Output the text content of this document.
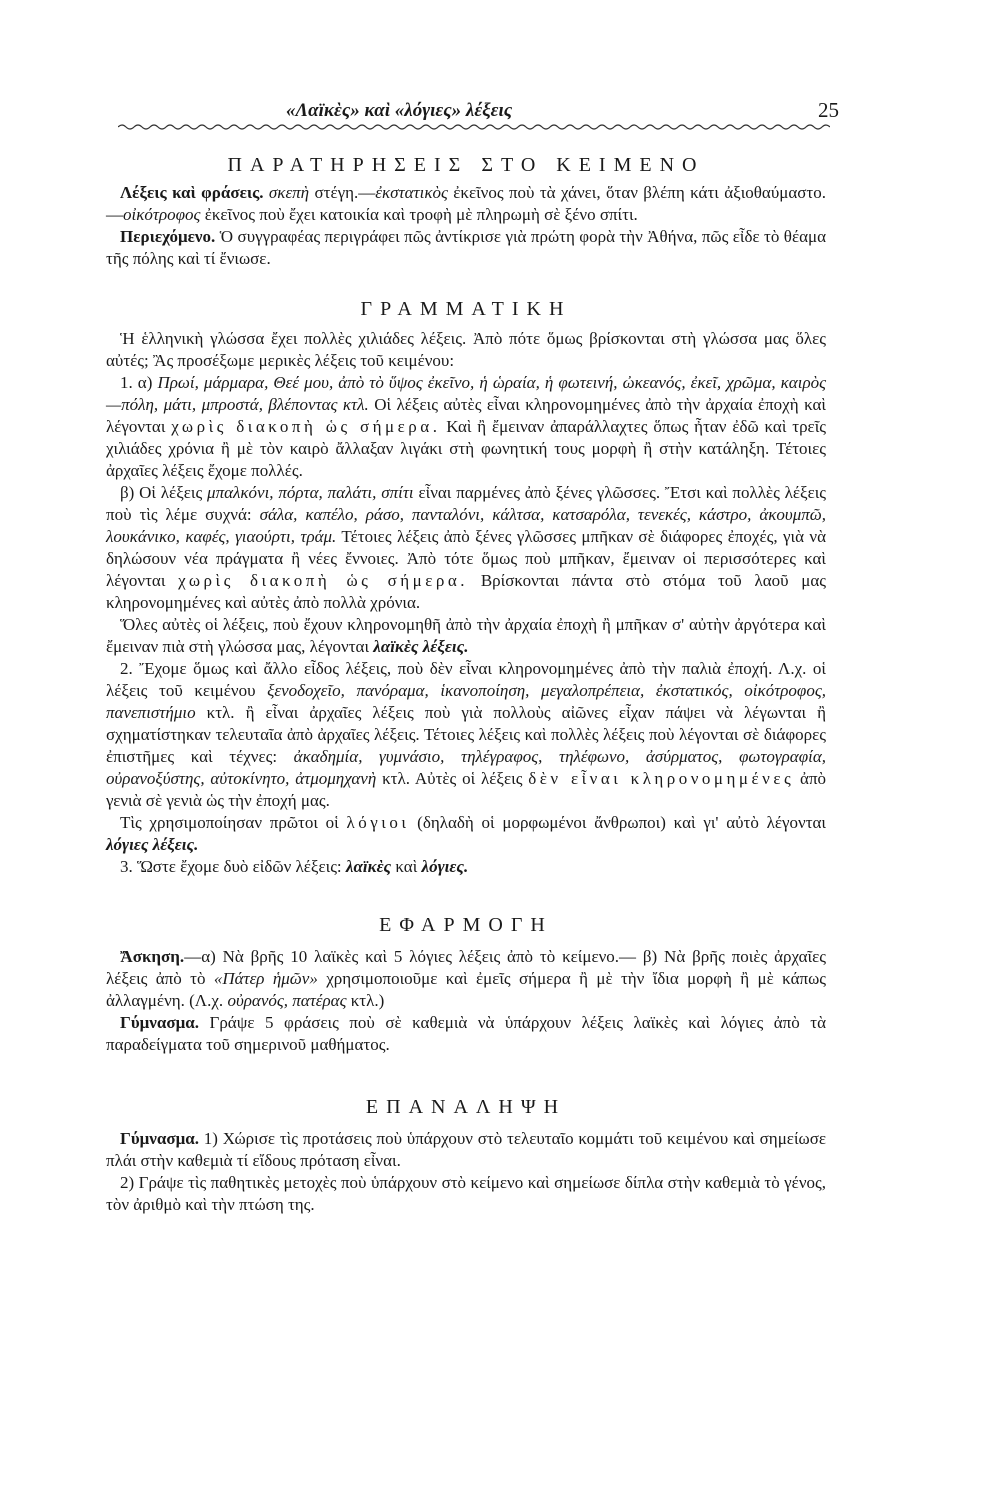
«Λαϊκὲς» καὶ «λόγιες» λέξεις	25
ΠΑΡΑΤΗΡΗΣΕΙΣ ΣΤΟ ΚΕΙΜΕΝΟ

Λέξεις καὶ φράσεις. σκεπὴ στέγη.—ἐκστατικὸς ἐκεῖνος ποὺ τὰ χάνει, ὅταν βλέπη κάτι ἀξιοθαύμαστο.—οἰκότροφος ἐκεῖνος ποὺ ἔχει κατοικία καὶ τροφὴ μὲ πληρωμὴ σὲ ξένο σπίτι.

Περιεχόμενο. Ὁ συγγραφέας περιγράφει πῶς ἀντίκρισε γιὰ πρώτη φορὰ τὴν Ἀθήνα, πῶς εἶδε τὸ θέαμα τῆς πόλης καὶ τί ἔνιωσε.

ΓΡΑΜΜΑΤΙΚΗ

Ἡ ἑλληνικὴ γλώσσα ἔχει πολλὲς χιλιάδες λέξεις. Ἀπὸ πότε ὅμως βρίσκονται στὴ γλώσσα μας ὅλες αὐτές; Ἂς προσέξωμε μερικὲς λέξεις τοῦ κειμένου:

1. α) Πρωί, μάρμαρα, Θεέ μου, ἀπὸ τὸ ὕψος ἐκεῖνο, ἡ ὡραία, ἡ φωτεινή, ὠκεανός, ἐκεῖ, χρῶμα, καιρὸς—πόλη, μάτι, μπροστά, βλέποντας κτλ. Οἱ λέξεις αὐτὲς εἶναι κληρονομημένες ἀπὸ τὴν ἀρχαία ἐποχὴ καὶ λέγονται χωρὶς διακοπὴ ὡς σήμερα. Καὶ ἢ ἔμειναν ἀπαράλλαχτες ὅπως ἦταν ἐδῶ καὶ τρεῖς χιλιάδες χρόνια ἢ μὲ τὸν καιρὸ ἄλλαξαν λιγάκι στὴ φωνητική τους μορφὴ ἢ στὴν κατάληξη. Τέτοιες ἀρχαῖες λέξεις ἔχομε πολλές.

β) Οἱ λέξεις μπαλκόνι, πόρτα, παλάτι, σπίτι εἶναι παρμένες ἀπὸ ξένες γλῶσσες. Ἔτσι καὶ πολλὲς λέξεις ποὺ τὶς λέμε συχνά: σάλα, καπέλο, ράσο, πανταλόνι, κάλτσα, κατσαρόλα, τενεκές, κάστρο, ἀκουμπῶ, λουκάνικο, καφές, γιαούρτι, τράμ. Τέτοιες λέξεις ἀπὸ ξένες γλῶσσες μπῆκαν σὲ διάφορες ἐποχές, γιὰ νὰ δηλώσουν νέα πράγματα ἢ νέες ἔννοιες. Ἀπὸ τότε ὅμως ποὺ μπῆκαν, ἔμειναν οἱ περισσότερες καὶ λέγονται χωρὶς διακοπὴ ὡς σήμερα. Βρίσκονται πάντα στὸ στόμα τοῦ λαοῦ μας κληρονομημένες καὶ αὐτὲς ἀπὸ πολλὰ χρόνια.

Ὅλες αὐτὲς οἱ λέξεις, ποὺ ἔχουν κληρονομηθῆ ἀπὸ τὴν ἀρχαία ἐποχὴ ἢ μπῆκαν σ' αὐτὴν ἀργότερα καὶ ἔμειναν πιὰ στὴ γλώσσα μας, λέγονται λαϊκὲς λέξεις.

2. Ἔχομε ὅμως καὶ ἄλλο εἶδος λέξεις, ποὺ δὲν εἶναι κληρονομημένες ἀπὸ τὴν παλιὰ ἐποχή. Λ.χ. οἱ λέξεις τοῦ κειμένου ξενοδοχεῖο, πανόραμα, ἱκανοποίηση, μεγαλοπρέπεια, ἐκστατικός, οἰκότροφος, πανεπιστήμιο κτλ. ἢ εἶναι ἀρχαῖες λέξεις ποὺ γιὰ πολλοὺς αἰῶνες εἶχαν πάψει νὰ λέγωνται ἢ σχηματίστηκαν τελευταῖα ἀπὸ ἀρχαῖες λέξεις. Τέτοιες λέξεις καὶ πολλὲς λέξεις ποὺ λέγονται σὲ διάφορες ἐπιστῆμες καὶ τέχνες: ἀκαδημία, γυμνάσιο, τηλέγραφος, τηλέφωνο, ἀσύρματος, φωτογραφία, οὐρανοξύστης, αὐτοκίνητο, ἀτμομηχανὴ κτλ. Αὐτὲς οἱ λέξεις δὲν εἶναι κληρονομημένες ἀπὸ γενιὰ σὲ γενιὰ ὡς τὴν ἐποχή μας.

Τὶς χρησιμοποίησαν πρῶτοι οἱ λόγιοι (δηλαδὴ οἱ μορφωμένοι ἄνθρωποι) καὶ γι' αὐτὸ λέγονται λόγιες λέξεις.

3. Ὥστε ἔχομε δυὸ εἰδῶν λέξεις: λαϊκὲς καὶ λόγιες.

ΕΦΑΡΜΟΓΗ

Ἄσκηση.—α) Νὰ βρῆς 10 λαϊκὲς καὶ 5 λόγιες λέξεις ἀπὸ τὸ κείμενο.— β) Νὰ βρῆς ποιὲς ἀρχαῖες λέξεις ἀπὸ τὸ «Πάτερ ἡμῶν» χρησιμοποιοῦμε καὶ ἐμεῖς σήμερα ἢ μὲ τὴν ἴδια μορφὴ ἢ μὲ κάπως ἀλλαγμένη. (Λ.χ. οὐρανός, πατέρας κτλ.)

Γύμνασμα. Γράψε 5 φράσεις ποὺ σὲ καθεμιὰ νὰ ὑπάρχουν λέξεις λαϊκὲς καὶ λόγιες ἀπὸ τὰ παραδείγματα τοῦ σημερινοῦ μαθήματος.

ΕΠΑΝΑΛΗΨΗ

Γύμνασμα. 1) Χώρισε τὶς προτάσεις ποὺ ὑπάρχουν στὸ τελευταῖο κομμάτι τοῦ κειμένου καὶ σημείωσε πλάι στὴν καθεμιὰ τί εἴδους πρόταση εἶναι.

2) Γράψε τὶς παθητικὲς μετοχὲς ποὺ ὑπάρχουν στὸ κείμενο καὶ σημείωσε δίπλα στὴν καθεμιὰ τὸ γένος, τὸν ἀριθμὸ καὶ τὴν πτώση της.
